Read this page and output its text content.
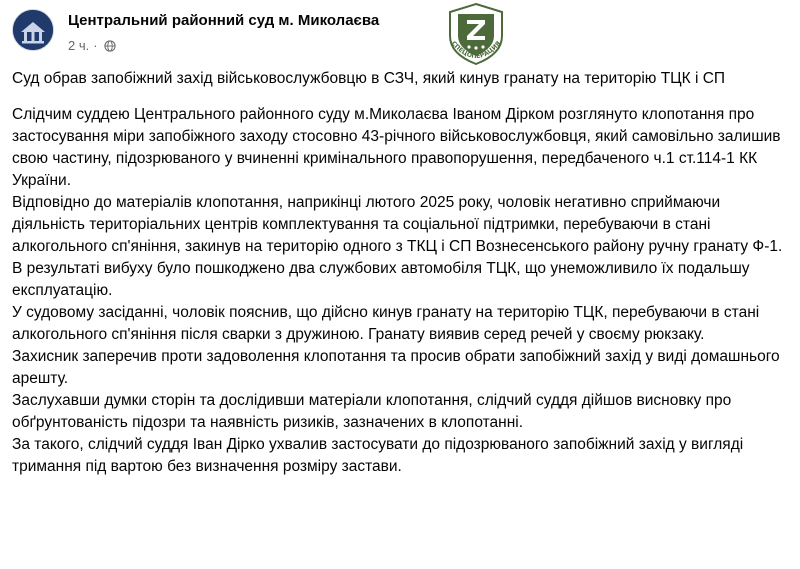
Центральний районний суд м. Миколаєва
2 ч. ·	СПЕЦОПЕРАЦИЯ

Суд обрав запобіжний захід військовослужбовцю в СЗЧ, який кинув гранату на територію ТЦК і СП

Слідчим суддею Центрального районного суду м.Миколаєва Іваном Дірком розглянуто клопотання про застосування міри запобіжного заходу стосовно 43-річного військовослужбовця, який самовільно залишив свою частину, підозрюваного у вчиненні кримінального правопорушення, передбаченого ч.1 ст.114-1 КК України.

Відповідно до матеріалів клопотання, наприкінці лютого 2025 року, чоловік негативно сприймаючи діяльність територіальних центрів комплектування та соціальної підтримки, перебуваючи в стані алкогольного сп'яніння, закинув на територію одного з ТКЦ і СП Вознесенського району ручну гранату Ф-1.

В результаті вибуху було пошкоджено два службових автомобіля ТЦК, що унеможливило їх подальшу експлуатацію.

У судовому засіданні, чоловік пояснив, що дійсно кинув гранату на територію ТЦК, перебуваючи в стані алкогольного сп'яніння після сварки з дружиною. Гранату виявив серед речей у своєму рюкзаку.

Захисник заперечив проти задоволення клопотання та просив обрати запобіжний захід у виді домашнього арешту.

Заслухавши думки сторін та дослідивши матеріали клопотання, слідчий суддя дійшов висновку про обґрунтованість підозри та наявність ризиків, зазначених в клопотанні.

За такого, слідчий суддя Іван Дірко ухвалив застосувати до підозрюваного запобіжний захід у вигляді тримання під вартою без визначення розміру застави.
